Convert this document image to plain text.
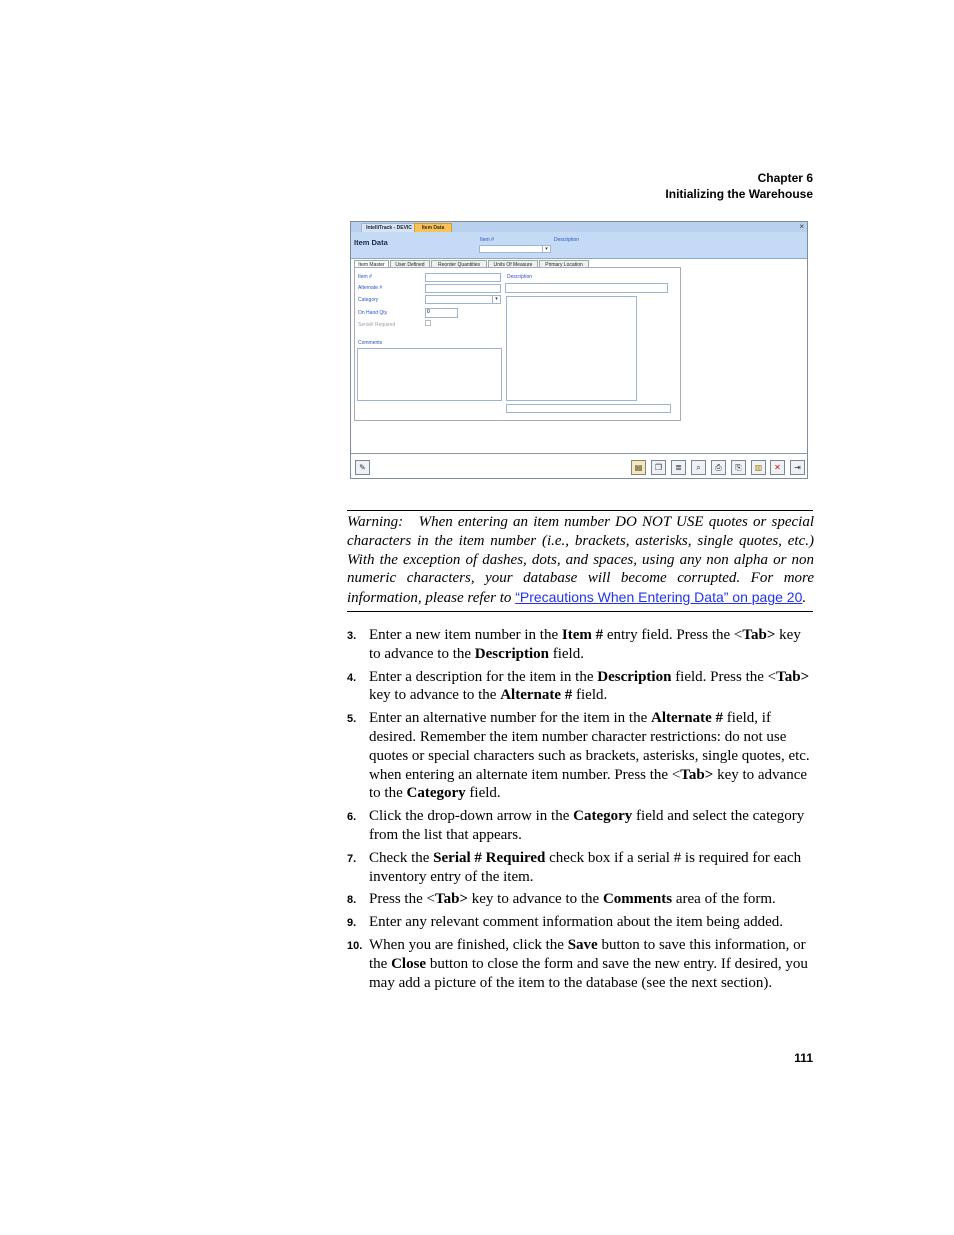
Chapter 6
Initializing the Warehouse
IntelliTrack - DEVIC	Item Data	×
Item Data	Item #
▾
Description
Item Master	User Defined	Reorder Quantities	Units Of Measure	Primary Location
Item #
Alternate #
Category	▾
On Hand Qty	0
Serial# Required
Comments
Description
✎	▤	❐	≣	⌕	⎙	⎘	▥	✕	⇥
Warning: When entering an item number DO NOT USE quotes or special characters in the item number (i.e., brackets, asterisks, single quotes, etc.) With the exception of dashes, dots, and spaces, using any non alpha or non numeric characters, your database will become corrupted. For more information, please refer to “Precautions When Entering Data” on page 20.
3. Enter a new item number in the Item # entry field. Press the <Tab> key to advance to the Description field.
4. Enter a description for the item in the Description field. Press the <Tab> key to advance to the Alternate # field.
5. Enter an alternative number for the item in the Alternate # field, if desired. Remember the item number character restrictions: do not use quotes or special characters such as brackets, asterisks, single quotes, etc. when entering an alternate item number. Press the <Tab> key to advance to the Category field.
6. Click the drop-down arrow in the Category field and select the category from the list that appears.
7. Check the Serial # Required check box if a serial # is required for each inventory entry of the item.
8. Press the <Tab> key to advance to the Comments area of the form.
9. Enter any relevant comment information about the item being added.
10. When you are finished, click the Save button to save this information, or the Close button to close the form and save the new entry. If desired, you may add a picture of the item to the database (see the next section).
111
